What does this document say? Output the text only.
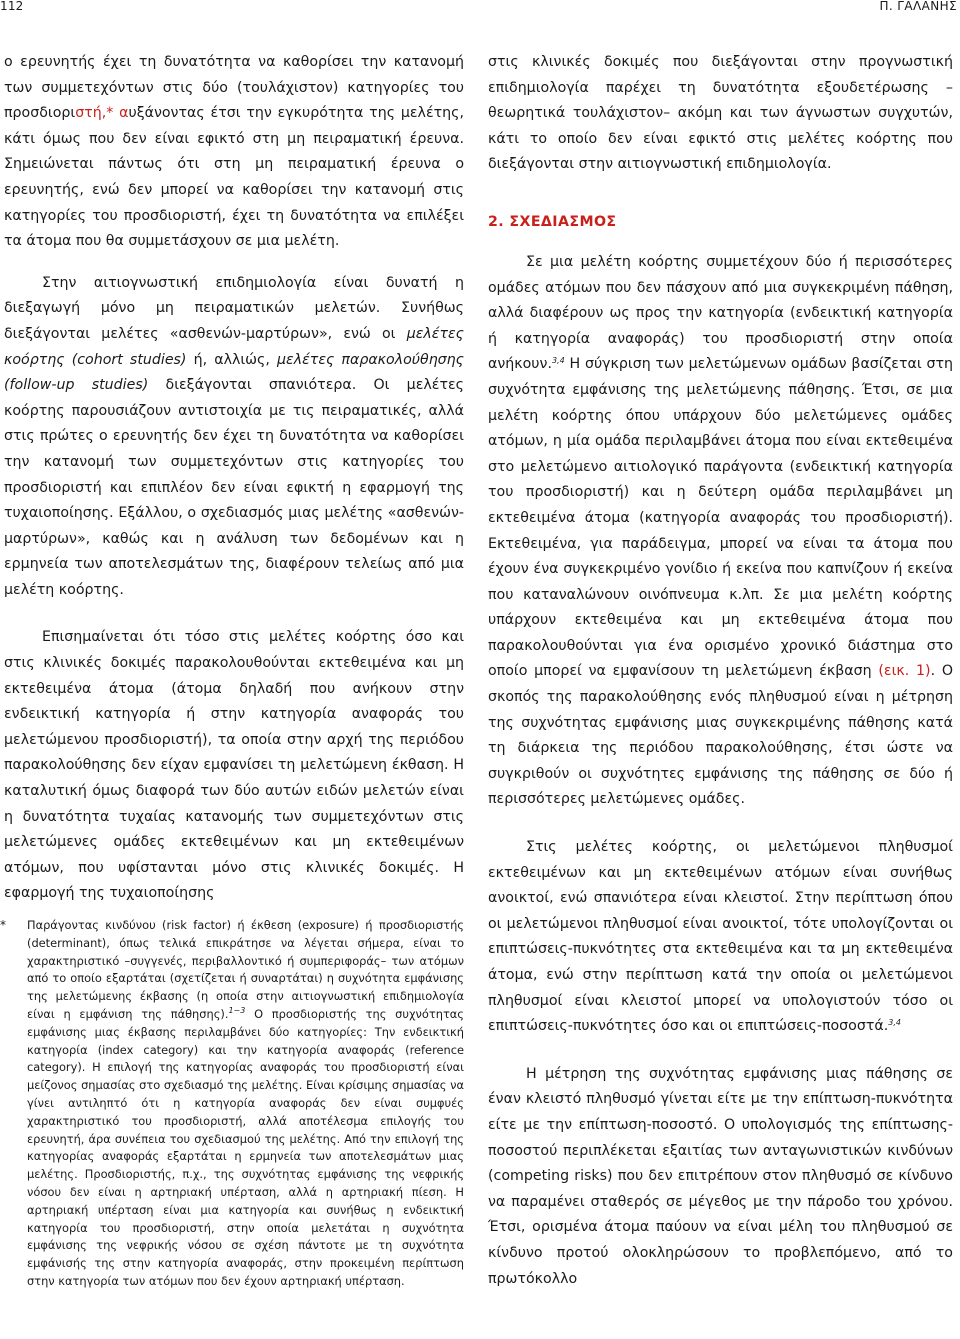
112	Π. ΓΑΛΑΝΗΣ

ο ερευνητής έχει τη δυνατότητα να καθορίσει την κατανομή των συμμετεχόντων στις δύο (τουλάχιστον) κατηγορίες του προσδιοριστή,* αυξάνοντας έτσι την εγκυρότητα της μελέτης, κάτι όμως που δεν είναι εφικτό στη μη πειραματική έρευνα. Σημειώνεται πάντως ότι στη μη πειραματική έρευνα ο ερευνητής, ενώ δεν μπορεί να καθορίσει την κατανομή στις κατηγορίες του προσδιοριστή, έχει τη δυνατότητα να επιλέξει τα άτομα που θα συμμετάσχουν σε μια μελέτη.

Στην αιτιογνωστική επιδημιολογία είναι δυνατή η διεξαγωγή μόνο μη πειραματικών μελετών. Συνήθως διεξάγονται μελέτες «ασθενών-μαρτύρων», ενώ οι μελέτες κοόρτης (cohort studies) ή, αλλιώς, μελέτες παρακολούθησης (follow-up studies) διεξάγονται σπανιότερα. Οι μελέτες κοόρτης παρουσιάζουν αντιστοιχία με τις πειραματικές, αλλά στις πρώτες ο ερευνητής δεν έχει τη δυνατότητα να καθορίσει την κατανομή των συμμετεχόντων στις κατηγορίες του προσδιοριστή και επιπλέον δεν είναι εφικτή η εφαρμογή της τυχαιοποίησης. Εξάλλου, ο σχεδιασμός μιας μελέτης «ασθενών-μαρτύρων», καθώς και η ανάλυση των δεδομένων και η ερμηνεία των αποτελεσμάτων της, διαφέρουν τελείως από μια μελέτη κοόρτης.

Επισημαίνεται ότι τόσο στις μελέτες κοόρτης όσο και στις κλινικές δοκιμές παρακολουθούνται εκτεθειμένα και μη εκτεθειμένα άτομα (άτομα δηλαδή που ανήκουν στην ενδεικτική κατηγορία ή στην κατηγορία αναφοράς του μελετώμενου προσδιοριστή), τα οποία στην αρχή της περιόδου παρακολούθησης δεν είχαν εμφανίσει τη μελετώμενη έκθαση. Η καταλυτική όμως διαφορά των δύο αυτών ειδών μελετών είναι η δυνατότητα τυχαίας κατανομής των συμμετεχόντων στις μελετώμενες ομάδες εκτεθειμένων και μη εκτεθειμένων ατόμων, που υφίστανται μόνο στις κλινικές δοκιμές. Η εφαρμογή της τυχαιοποίησης

* Παράγοντας κινδύνου (risk factor) ή έκθεση (exposure) ή προσδιοριστής (determinant), όπως τελικά επικράτησε να λέγεται σήμερα, είναι το χαρακτηριστικό –συγγενές, περιβαλλοντικό ή συμπεριφοράς– των ατόμων από το οποίο εξαρτάται (σχετίζεται ή συναρτάται) η συχνότητα εμφάνισης της μελετώμενης έκβασης (η οποία στην αιτιογνωστική επιδημιολογία είναι η εμφάνιση της πάθησης).$^{1-3}$ Ο προσδιοριστής της συχνότητας εμφάνισης μιας έκβασης περιλαμβάνει δύο κατηγορίες: Την ενδεικτική κατηγορία (index category) και την κατηγορία αναφοράς (reference category). Η επιλογή της κατηγορίας αναφοράς του προσδιοριστή είναι μείζονος σημασίας στο σχεδιασμό της μελέτης. Είναι κρίσιμης σημασίας να γίνει αντιληπτό ότι η κατηγορία αναφοράς δεν είναι συμφυές χαρακτηριστικό του προσδιοριστή, αλλά αποτέλεσμα επιλογής του ερευνητή, άρα συνέπεια του σχεδιασμού της μελέτης. Από την επιλογή της κατηγορίας αναφοράς εξαρτάται η ερμηνεία των αποτελεσμάτων μιας μελέτης. Προσδιοριστής, π.χ., της συχνότητας εμφάνισης της νεφρικής νόσου δεν είναι η αρτηριακή υπέρταση, αλλά η αρτηριακή πίεση. Η αρτηριακή υπέρταση είναι μια κατηγορία και συνήθως η ενδεικτική κατηγορία του προσδιοριστή, στην οποία μελετάται η συχνότητα εμφάνισης της νεφρικής νόσου σε σχέση πάντοτε με τη συχνότητα εμφάνισής της στην κατηγορία αναφοράς, στην προκειμένη περίπτωση στην κατηγορία των ατόμων που δεν έχουν αρτηριακή υπέρταση.

στις κλινικές δοκιμές που διεξάγονται στην προγνωστική επιδημιολογία παρέχει τη δυνατότητα εξουδετέρωσης –θεωρητικά τουλάχιστον– ακόμη και των άγνωστων συγχυτών, κάτι το οποίο δεν είναι εφικτό στις μελέτες κοόρτης που διεξάγονται στην αιτιογνωστική επιδημιολογία.

2. ΣΧΕΔΙΑΣΜΟΣ

Σε μια μελέτη κοόρτης συμμετέχουν δύο ή περισσότερες ομάδες ατόμων που δεν πάσχουν από μια συγκεκριμένη πάθηση, αλλά διαφέρουν ως προς την κατηγορία (ενδεικτική κατηγορία ή κατηγορία αναφοράς) του προσδιοριστή στην οποία ανήκουν.$^{3,4}$ Η σύγκριση των μελετώμενων ομάδων βασίζεται στη συχνότητα εμφάνισης της μελετώμενης πάθησης. Έτσι, σε μια μελέτη κοόρτης όπου υπάρχουν δύο μελετώμενες ομάδες ατόμων, η μία ομάδα περιλαμβάνει άτομα που είναι εκτεθειμένα στο μελετώμενο αιτιολογικό παράγοντα (ενδεικτική κατηγορία του προσδιοριστή) και η δεύτερη ομάδα περιλαμβάνει μη εκτεθειμένα άτομα (κατηγορία αναφοράς του προσδιοριστή). Εκτεθειμένα, για παράδειγμα, μπορεί να είναι τα άτομα που έχουν ένα συγκεκριμένο γονίδιο ή εκείνα που καπνίζουν ή εκείνα που καταναλώνουν οινόπνευμα κ.λπ. Σε μια μελέτη κοόρτης υπάρχουν εκτεθειμένα και μη εκτεθειμένα άτομα που παρακολουθούνται για ένα ορισμένο χρονικό διάστημα στο οποίο μπορεί να εμφανίσουν τη μελετώμενη έκβαση (εικ. 1). Ο σκοπός της παρακολούθησης ενός πληθυσμού είναι η μέτρηση της συχνότητας εμφάνισης μιας συγκεκριμένης πάθησης κατά τη διάρκεια της περιόδου παρακολούθησης, έτσι ώστε να συγκριθούν οι συχνότητες εμφάνισης της πάθησης σε δύο ή περισσότερες μελετώμενες ομάδες.

Στις μελέτες κοόρτης, οι μελετώμενοι πληθυσμοί εκτεθειμένων και μη εκτεθειμένων ατόμων είναι συνήθως ανοικτοί, ενώ σπανιότερα είναι κλειστοί. Στην περίπτωση όπου οι μελετώμενοι πληθυσμοί είναι ανοικτοί, τότε υπολογίζονται οι επιπτώσεις-πυκνότητες στα εκτεθειμένα και τα μη εκτεθειμένα άτομα, ενώ στην περίπτωση κατά την οποία οι μελετώμενοι πληθυσμοί είναι κλειστοί μπορεί να υπολογιστούν τόσο οι επιπτώσεις-πυκνότητες όσο και οι επιπτώσεις-ποσοστά.$^{3,4}$

Η μέτρηση της συχνότητας εμφάνισης μιας πάθησης σε έναν κλειστό πληθυσμό γίνεται είτε με την επίπτωση-πυκνότητα είτε με την επίπτωση-ποσοστό. Ο υπολογισμός της επίπτωσης-ποσοστού περιπλέκεται εξαιτίας των ανταγωνιστικών κινδύνων (competing risks) που δεν επιτρέπουν στον πληθυσμό σε κίνδυνο να παραμένει σταθερός σε μέγεθος με την πάροδο του χρόνου. Έτσι, ορισμένα άτομα παύουν να είναι μέλη του πληθυσμού σε κίνδυνο προτού ολοκληρώσουν το προβλεπόμενο, από το πρωτόκολλο
